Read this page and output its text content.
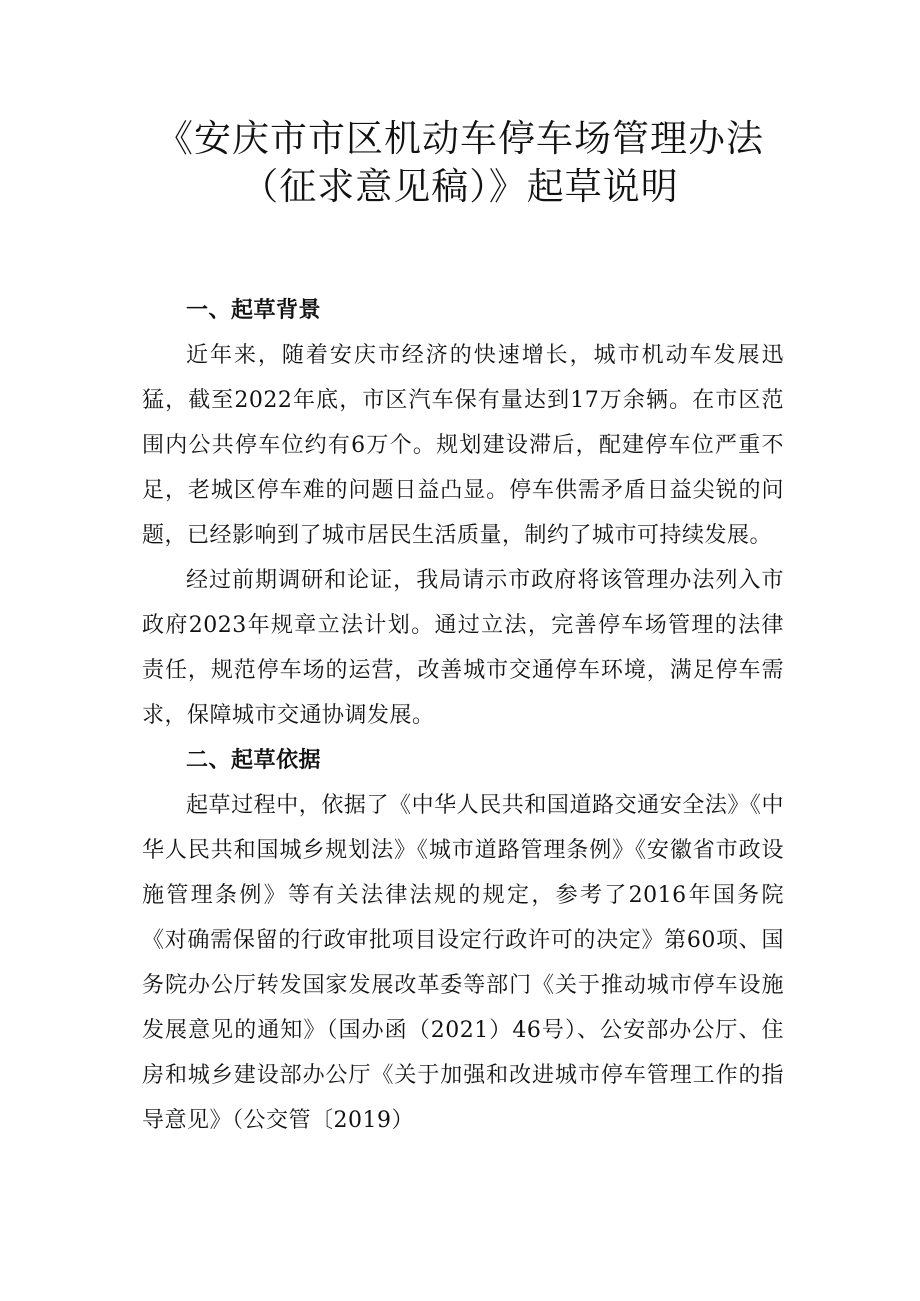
《安庆市市区机动车停车场管理办法
（征求意见稿）》起草说明
一、起草背景

近年来，随着安庆市经济的快速增长，城市机动车发展迅猛，截至2022年底，市区汽车保有量达到17万余辆。在市区范围内公共停车位约有6万个。规划建设滞后，配建停车位严重不足，老城区停车难的问题日益凸显。停车供需矛盾日益尖锐的问题，已经影响到了城市居民生活质量，制约了城市可持续发展。

经过前期调研和论证，我局请示市政府将该管理办法列入市政府2023年规章立法计划。通过立法，完善停车场管理的法律责任，规范停车场的运营，改善城市交通停车环境，满足停车需求，保障城市交通协调发展。

二、起草依据

起草过程中，依据了《中华人民共和国道路交通安全法》《中华人民共和国城乡规划法》《城市道路管理条例》《安徽省市政设施管理条例》等有关法律法规的规定，参考了2016年国务院《对确需保留的行政审批项目设定行政许可的决定》第60项、国务院办公厅转发国家发展改革委等部门《关于推动城市停车设施发展意见的通知》（国办函（2021）46号）、公安部办公厅、住房和城乡建设部办公厅《关于加强和改进城市停车管理工作的指导意见》（公交管〔2019）
